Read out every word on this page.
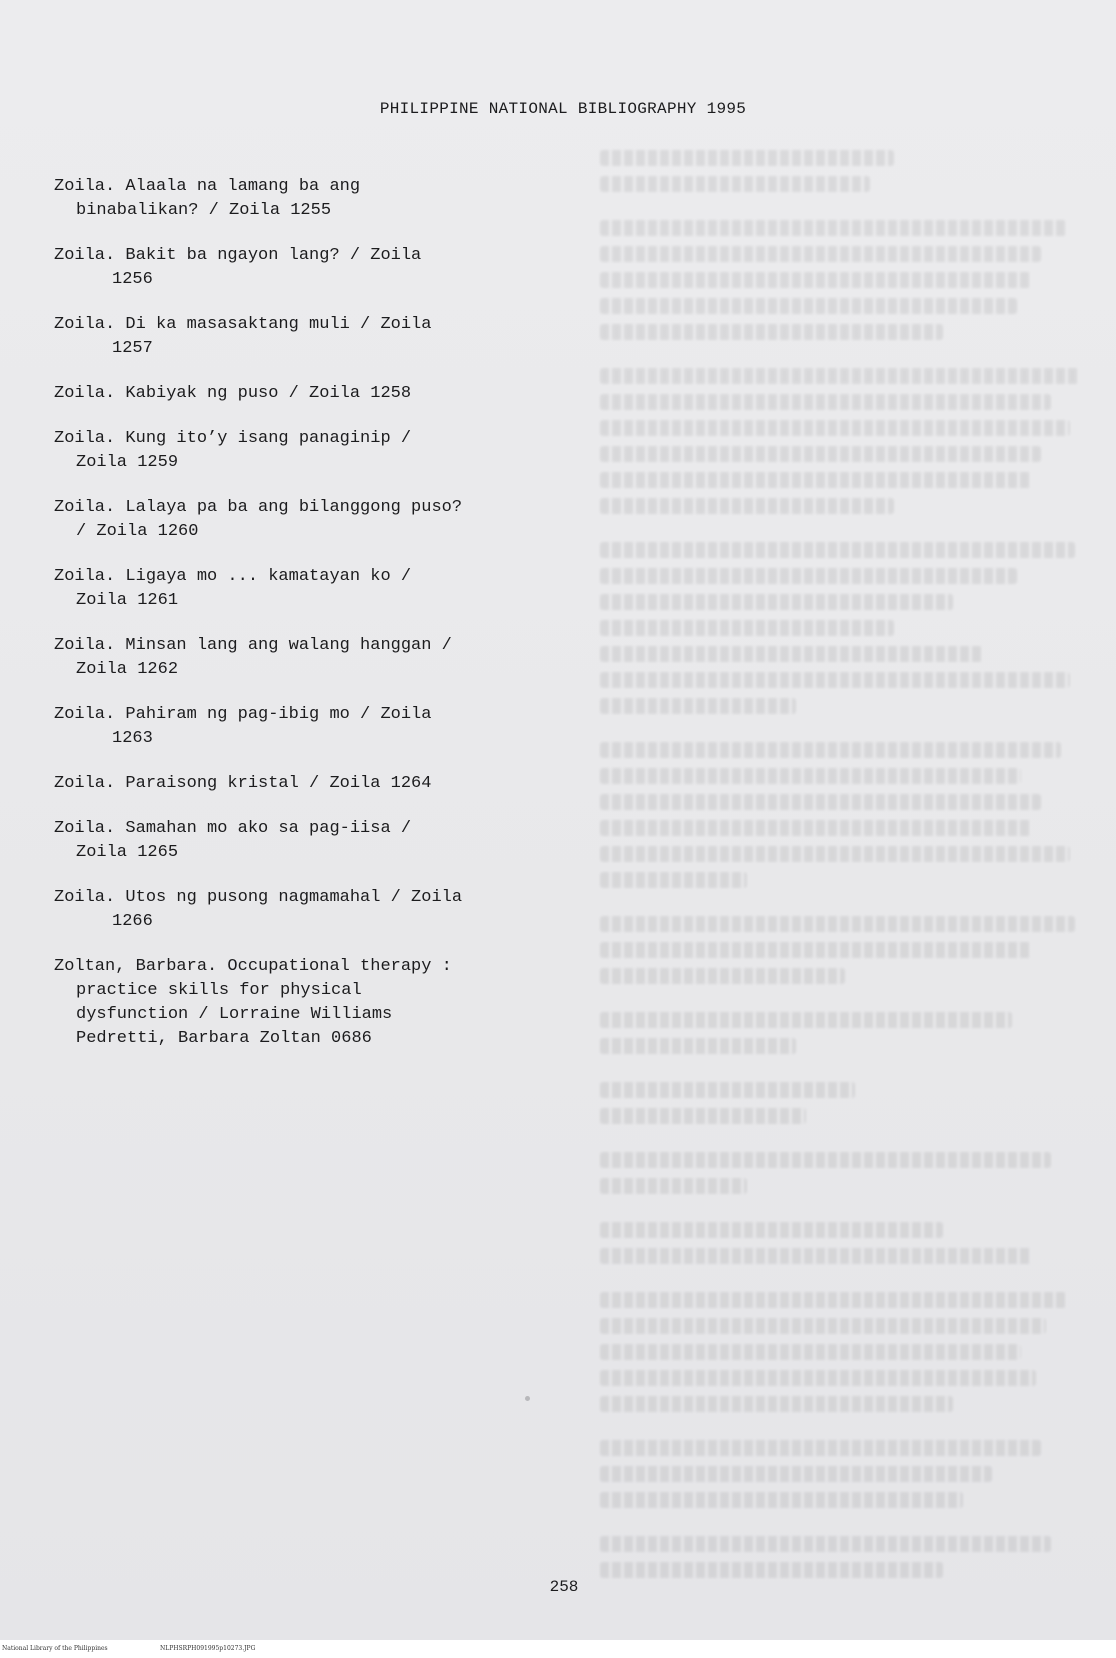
PHILIPPINE NATIONAL BIBLIOGRAPHY 1995
Zoila. Alaala na lamang ba ang
binabalikan? / Zoila 1255
Zoila. Bakit ba ngayon lang? / Zoila
1256
Zoila. Di ka masasaktang muli / Zoila
1257
Zoila. Kabiyak ng puso / Zoila 1258
Zoila. Kung ito’y isang panaginip /
Zoila 1259
Zoila. Lalaya pa ba ang bilanggong puso?
/ Zoila 1260
Zoila. Ligaya mo ... kamatayan ko /
Zoila 1261
Zoila. Minsan lang ang walang hanggan /
Zoila 1262
Zoila. Pahiram ng pag-ibig mo / Zoila
1263
Zoila. Paraisong kristal / Zoila 1264
Zoila. Samahan mo ako sa pag-iisa /
Zoila 1265
Zoila. Utos ng pusong nagmamahal / Zoila
1266
Zoltan, Barbara. Occupational therapy :
practice skills for physical
dysfunction / Lorraine Williams
Pedretti, Barbara Zoltan 0686
258
National Library of the Philippines	NLPHSRPH091995p10273.JPG
